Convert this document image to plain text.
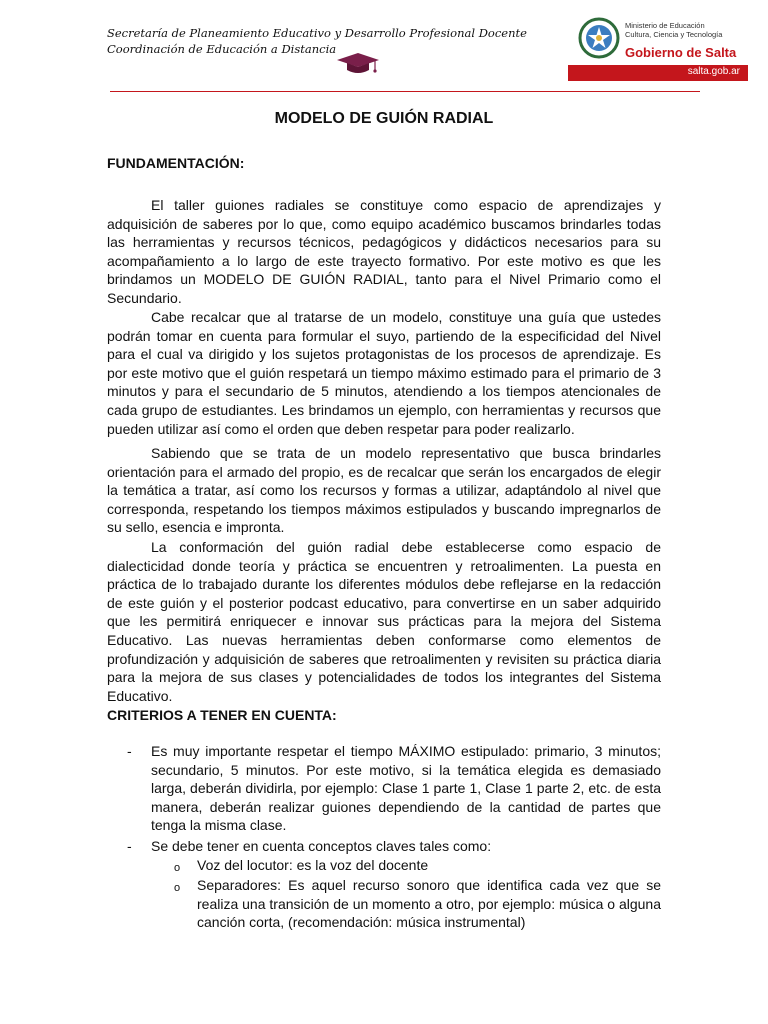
Secretaría de Planeamiento Educativo y Desarrollo Profesional Docente
Coordinación de Educación a Distancia
Ministerio de Educación
Cultura, Ciencia y Tecnología
Gobierno de Salta
salta.gob.ar
MODELO DE GUIÓN RADIAL
FUNDAMENTACIÓN:

El taller guiones radiales se constituye como espacio de aprendizajes y adquisición de saberes por lo que, como equipo académico buscamos brindarles todas las herramientas y recursos técnicos, pedagógicos y didácticos necesarios para su acompañamiento a lo largo de este trayecto formativo. Por este motivo es que les brindamos un MODELO DE GUIÓN RADIAL, tanto para el Nivel Primario como el Secundario.

Cabe recalcar que al tratarse de un modelo, constituye una guía que ustedes podrán tomar en cuenta para formular el suyo, partiendo de la especificidad del Nivel para el cual va dirigido y los sujetos protagonistas de los procesos de aprendizaje. Es por este motivo que el guión respetará un tiempo máximo estimado para el primario de 3 minutos y para el secundario de 5 minutos, atendiendo a los tiempos atencionales de cada grupo de estudiantes. Les brindamos un ejemplo, con herramientas y recursos que pueden utilizar así como el orden que deben respetar para poder realizarlo.

Sabiendo que se trata de un modelo representativo que busca brindarles orientación para el armado del propio, es de recalcar que serán los encargados de elegir la temática a tratar, así como los recursos y formas a utilizar, adaptándolo al nivel que corresponda, respetando los tiempos máximos estipulados y buscando impregnarlos de su sello, esencia e impronta.

La conformación del guión radial debe establecerse como espacio de dialecticidad donde teoría y práctica se encuentren y retroalimenten. La puesta en práctica de lo trabajado durante los diferentes módulos debe reflejarse en la redacción de este guión y el posterior podcast educativo, para convertirse en un saber adquirido que les permitirá enriquecer e innovar sus prácticas para la mejora del Sistema Educativo. Las nuevas herramientas deben conformarse como elementos de profundización y adquisición de saberes que retroalimenten y revisiten su práctica diaria para la mejora de sus clases y potencialidades de todos los integrantes del Sistema Educativo.

CRITERIOS A TENER EN CUENTA:
- Es muy importante respetar el tiempo MÁXIMO estipulado: primario, 3 minutos; secundario, 5 minutos. Por este motivo, si la temática elegida es demasiado larga, deberán dividirla, por ejemplo: Clase 1 parte 1, Clase 1 parte 2, etc. de esta manera, deberán realizar guiones dependiendo de la cantidad de partes que tenga la misma clase.
- Se debe tener en cuenta conceptos claves tales como:
o Voz del locutor: es la voz del docente
o Separadores: Es aquel recurso sonoro que identifica cada vez que se realiza una transición de un momento a otro, por ejemplo: música o alguna canción corta, (recomendación: música instrumental)
